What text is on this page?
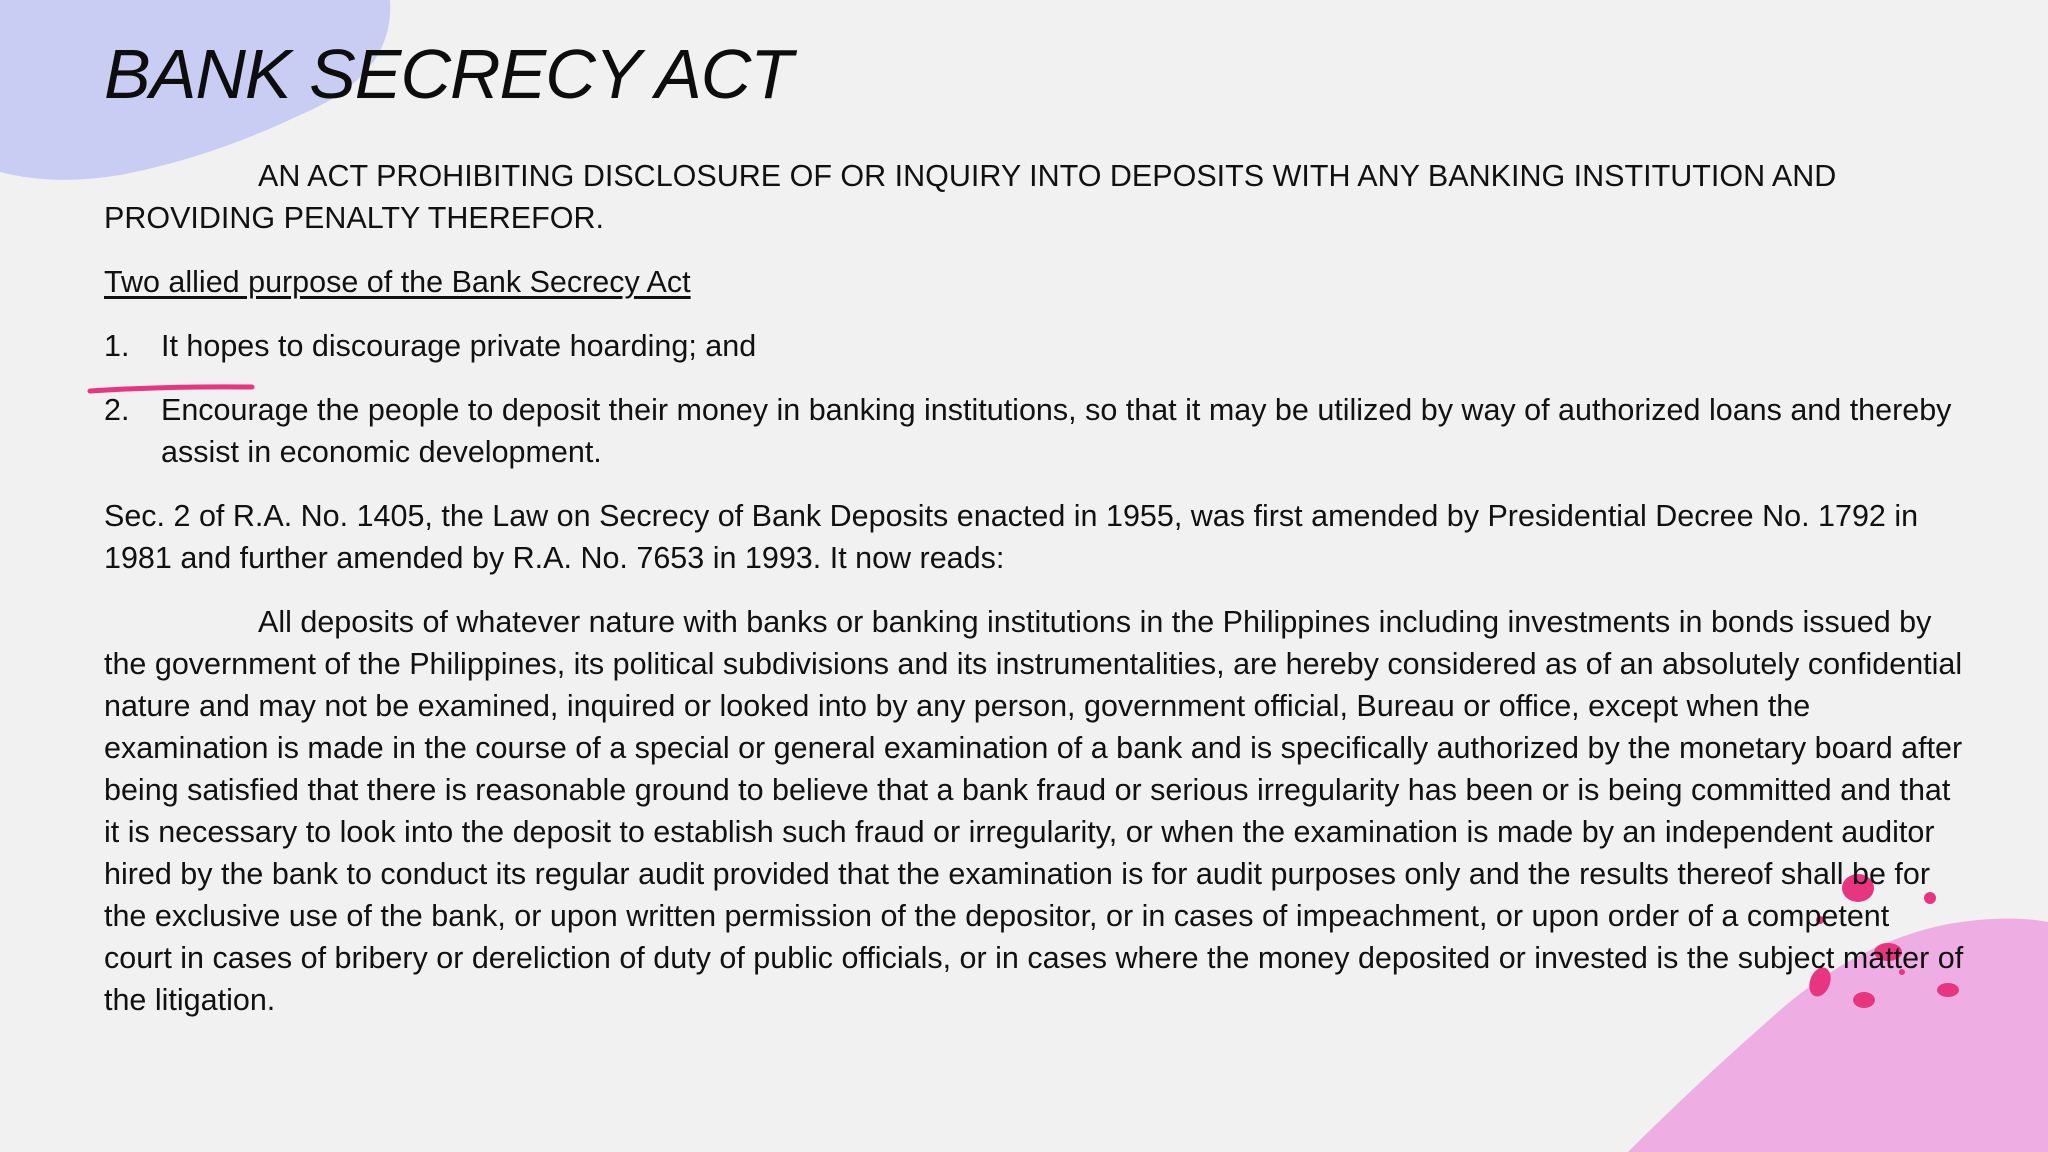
BANK SECRECY ACT

AN ACT PROHIBITING DISCLOSURE OF OR INQUIRY INTO DEPOSITS WITH ANY BANKING INSTITUTION AND PROVIDING PENALTY THEREFOR.

Two allied purpose of the Bank Secrecy Act

1. It hopes to discourage private hoarding; and
2. Encourage the people to deposit their money in banking institutions, so that it may be utilized by way of authorized loans and thereby assist in economic development.

Sec. 2 of R.A. No. 1405, the Law on Secrecy of Bank Deposits enacted in 1955, was first amended by Presidential Decree No. 1792 in 1981 and further amended by R.A. No. 7653 in 1993. It now reads:

All deposits of whatever nature with banks or banking institutions in the Philippines including investments in bonds issued by the government of the Philippines, its political subdivisions and its instrumentalities, are hereby considered as of an absolutely confidential nature and may not be examined, inquired or looked into by any person, government official, Bureau or office, except when the examination is made in the course of a special or general examination of a bank and is specifically authorized by the monetary board after being satisfied that there is reasonable ground to believe that a bank fraud or serious irregularity has been or is being committed and that it is necessary to look into the deposit to establish such fraud or irregularity, or when the examination is made by an independent auditor hired by the bank to conduct its regular audit provided that the examination is for audit purposes only and the results thereof shall be for the exclusive use of the bank, or upon written permission of the depositor, or in cases of impeachment, or upon order of a competent court in cases of bribery or dereliction of duty of public officials, or in cases where the money deposited or invested is the subject matter of the litigation.
